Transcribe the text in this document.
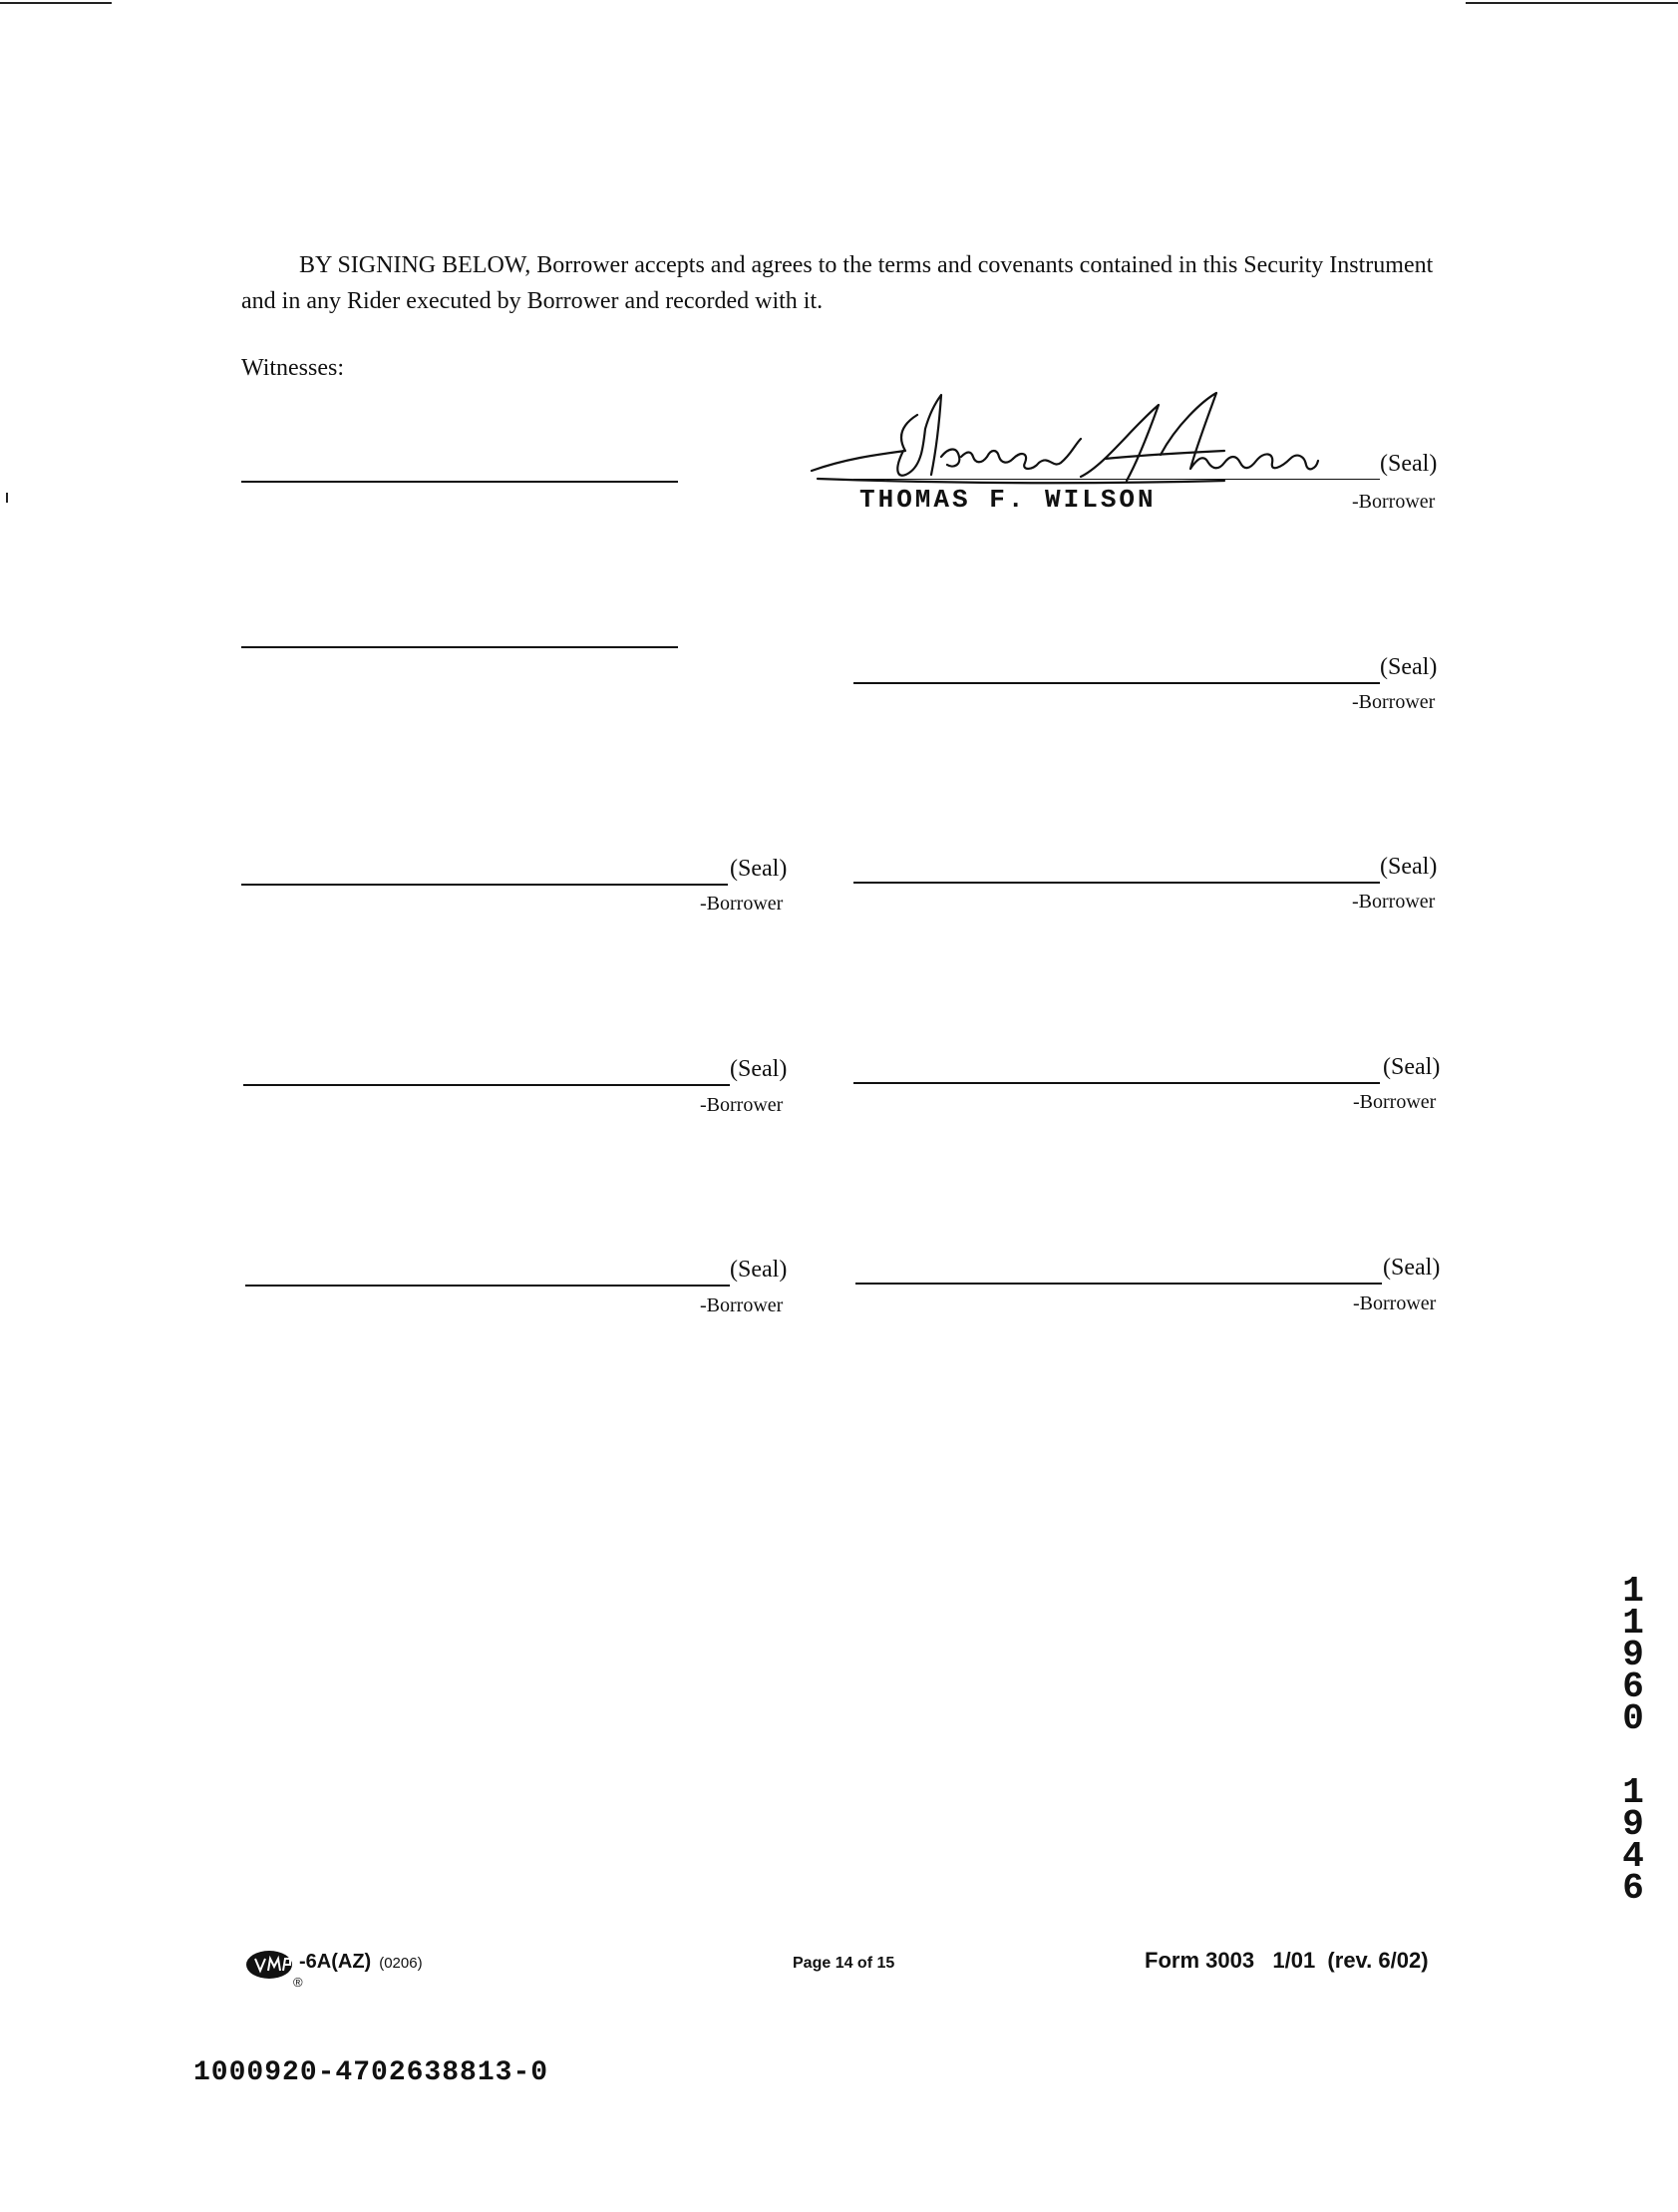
BY SIGNING BELOW, Borrower accepts and agrees to the terms and covenants contained in this Security Instrument and in any Rider executed by Borrower and recorded with it.

Witnesses:
(Seal)
THOMAS F. WILSON	-Borrower
(Seal)
-Borrower
(Seal)
-Borrower
(Seal)
-Borrower
(Seal)
-Borrower
(Seal)
-Borrower
(Seal)
-Borrower
(Seal)
-Borrower
1
1
9
6
0
1
9
4
6
®
-6A(AZ) (0206)	Page 14 of 15	Form 3003   1/01  (rev. 6/02)
1000920-4702638813-0
